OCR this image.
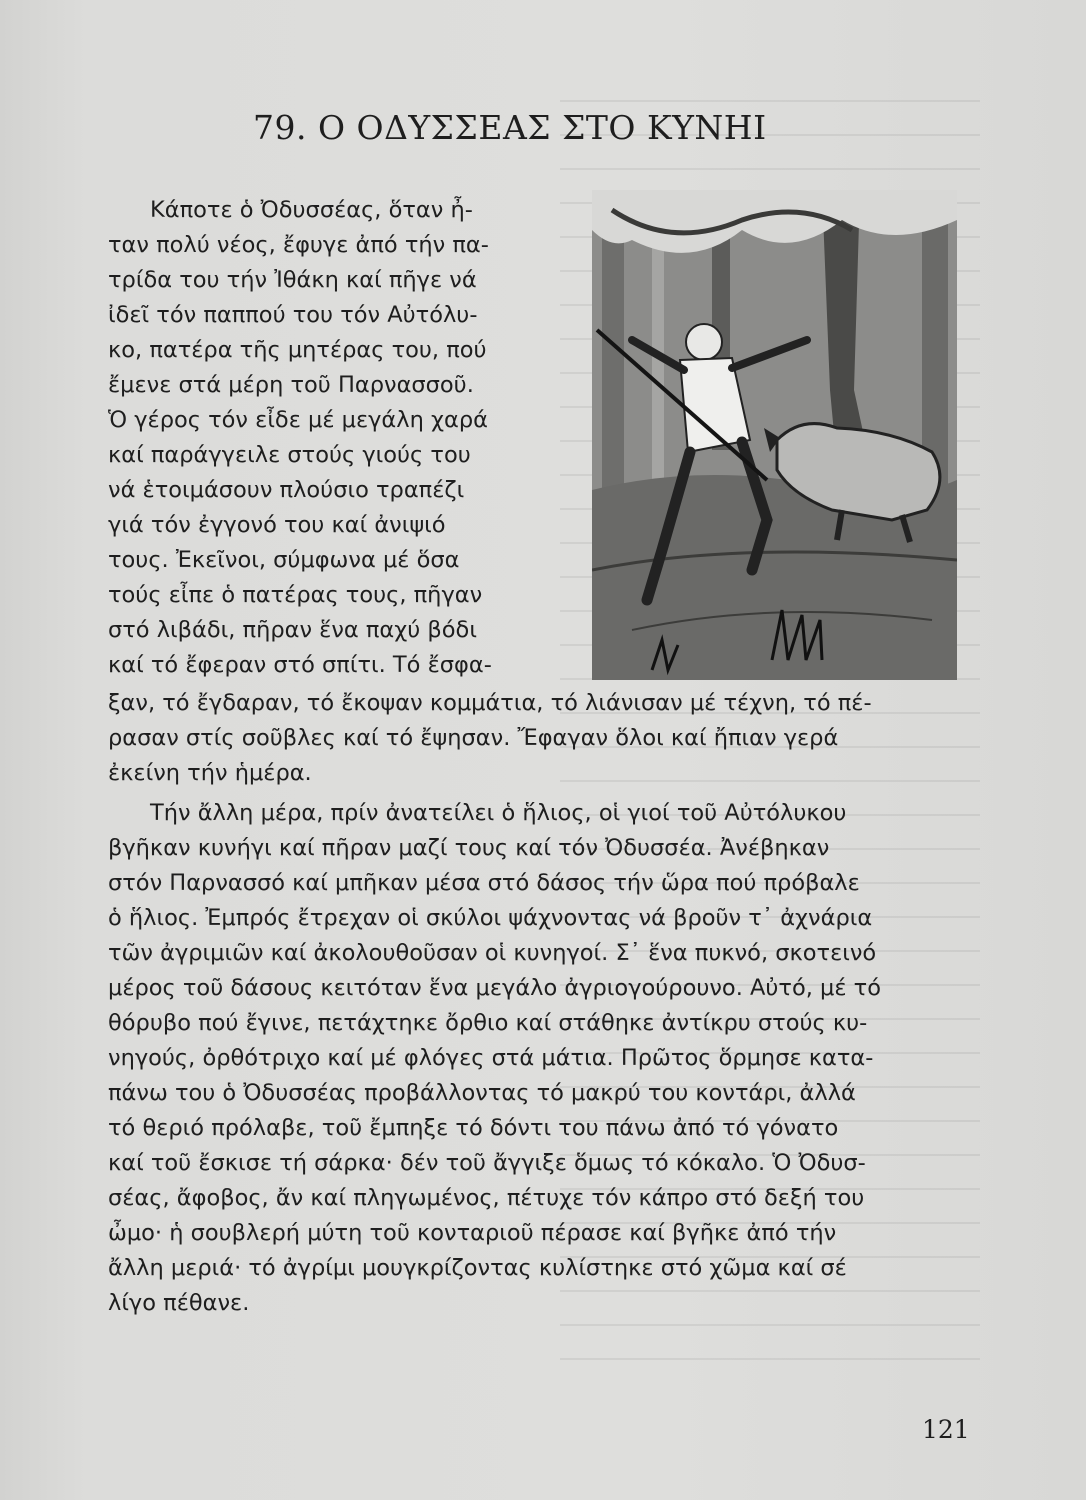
79. Ο ΟΔΥΣΣΕΑΣ ΣΤΟ ΚΥΝΗΙ
Κάποτε ὁ Ὀδυσσέας, ὅταν ἦ-
ταν πολύ νέος, ἔφυγε ἀπό τήν πα-
τρίδα του τήν Ἰθάκη καί πῆγε νά
ἰδεῖ τόν παππού του τόν Αὐτόλυ-
κο, πατέρα τῆς μητέρας του, πού
ἔμενε στά μέρη τοῦ Παρνασσοῦ.
Ὁ γέρος τόν εἶδε μέ μεγάλη χαρά
καί παράγγειλε στούς γιούς του
νά ἑτοιμάσουν πλούσιο τραπέζι
γιά τόν ἐγγονό του καί ἀνιψιό
τους. Ἐκεῖνοι, σύμφωνα μέ ὅσα
τούς εἶπε ὁ πατέρας τους, πῆγαν
στό λιβάδι, πῆραν ἕνα παχύ βόδι
καί τό ἔφεραν στό σπίτι. Τό ἔσφα-
ξαν, τό ἔγδαραν, τό ἔκοψαν κομμάτια, τό λιάνισαν μέ τέχνη, τό πέ-
ρασαν στίς σοῦβλες καί τό ἔψησαν. Ἔφαγαν ὅλοι καί ἤπιαν γερά
ἐκείνη τήν ἡμέρα.
Τήν ἄλλη μέρα, πρίν ἀνατείλει ὁ ἥλιος, οἱ γιοί τοῦ Αὐτόλυκου
βγῆκαν κυνήγι καί πῆραν μαζί τους καί τόν Ὀδυσσέα. Ἀνέβηκαν
στόν Παρνασσό καί μπῆκαν μέσα στό δάσος τήν ὥρα πού πρόβαλε
ὁ ἥλιος. Ἐμπρός ἔτρεχαν οἱ σκύλοι ψάχνοντας νά βροῦν τ᾽ ἀχνάρια
τῶν ἀγριμιῶν καί ἀκολουθοῦσαν οἱ κυνηγοί. Σ᾽ ἕνα πυκνό, σκοτεινό
μέρος τοῦ δάσους κειτόταν ἕνα μεγάλο ἀγριογούρουνο. Αὐτό, μέ τό
θόρυβο πού ἔγινε, πετάχτηκε ὄρθιο καί στάθηκε ἀντίκρυ στούς κυ-
νηγούς, ὀρθότριχο καί μέ φλόγες στά μάτια. Πρῶτος ὅρμησε κατα-
πάνω του ὁ Ὀδυσσέας προβάλλοντας τό μακρύ του κοντάρι, ἀλλά
τό θεριό πρόλαβε, τοῦ ἔμπηξε τό δόντι του πάνω ἀπό τό γόνατο
καί τοῦ ἔσκισε τή σάρκα· δέν τοῦ ἄγγιξε ὅμως τό κόκαλο. Ὁ Ὀδυσ-
σέας, ἄφοβος, ἄν καί πληγωμένος, πέτυχε τόν κάπρο στό δεξή του
ὦμο· ἡ σουβλερή μύτη τοῦ κονταριοῦ πέρασε καί βγῆκε ἀπό τήν
ἄλλη μεριά· τό ἀγρίμι μουγκρίζοντας κυλίστηκε στό χῶμα καί σέ
λίγο πέθανε.
121
